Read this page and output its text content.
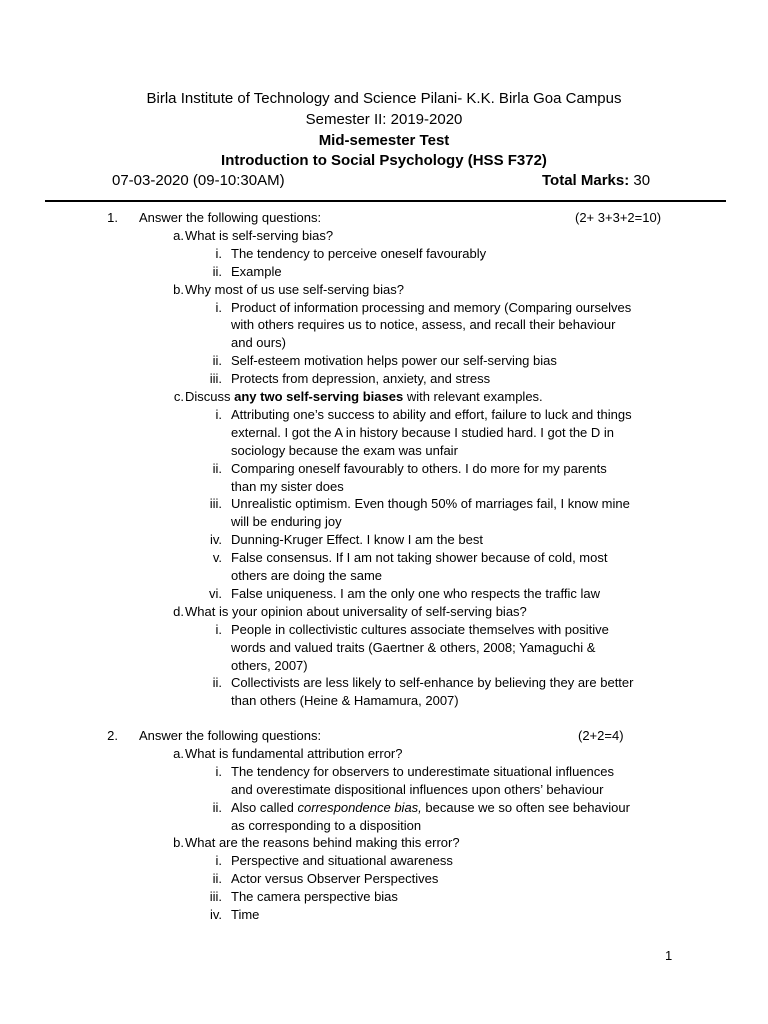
Birla Institute of Technology and Science Pilani- K.K. Birla Goa Campus
Semester II: 2019-2020
Mid-semester Test
Introduction to Social Psychology (HSS F372)
07-03-2020 (09-10:30AM)	Total Marks: 30
1. Answer the following questions:	(2+ 3+3+2=10)
a. What is self-serving bias?
i. The tendency to perceive oneself favourably
ii. Example
b. Why most of us use self-serving bias?
i. Product of information processing and memory (Comparing ourselves
with others requires us to notice, assess, and recall their behaviour
and ours)
ii. Self-esteem motivation helps power our self-serving bias
iii. Protects from depression, anxiety, and stress
c. Discuss any two self-serving biases with relevant examples.
i. Attributing one’s success to ability and effort, failure to luck and things
external. I got the A in history because I studied hard. I got the D in
sociology because the exam was unfair
ii. Comparing oneself favourably to others. I do more for my parents
than my sister does
iii. Unrealistic optimism. Even though 50% of marriages fail, I know mine
will be enduring joy
iv. Dunning-Kruger Effect. I know I am the best
v. False consensus. If I am not taking shower because of cold, most
others are doing the same
vi. False uniqueness. I am the only one who respects the traffic law
d. What is your opinion about universality of self-serving bias?
i. People in collectivistic cultures associate themselves with positive
words and valued traits (Gaertner & others, 2008; Yamaguchi &
others, 2007)
ii. Collectivists are less likely to self-enhance by believing they are better
than others (Heine & Hamamura, 2007)
2. Answer the following questions:	(2+2=4)
a. What is fundamental attribution error?
i. The tendency for observers to underestimate situational influences
and overestimate dispositional influences upon others’ behaviour
ii. Also called correspondence bias, because we so often see behaviour
as corresponding to a disposition
b. What are the reasons behind making this error?
i. Perspective and situational awareness
ii. Actor versus Observer Perspectives
iii. The camera perspective bias
iv. Time
1
